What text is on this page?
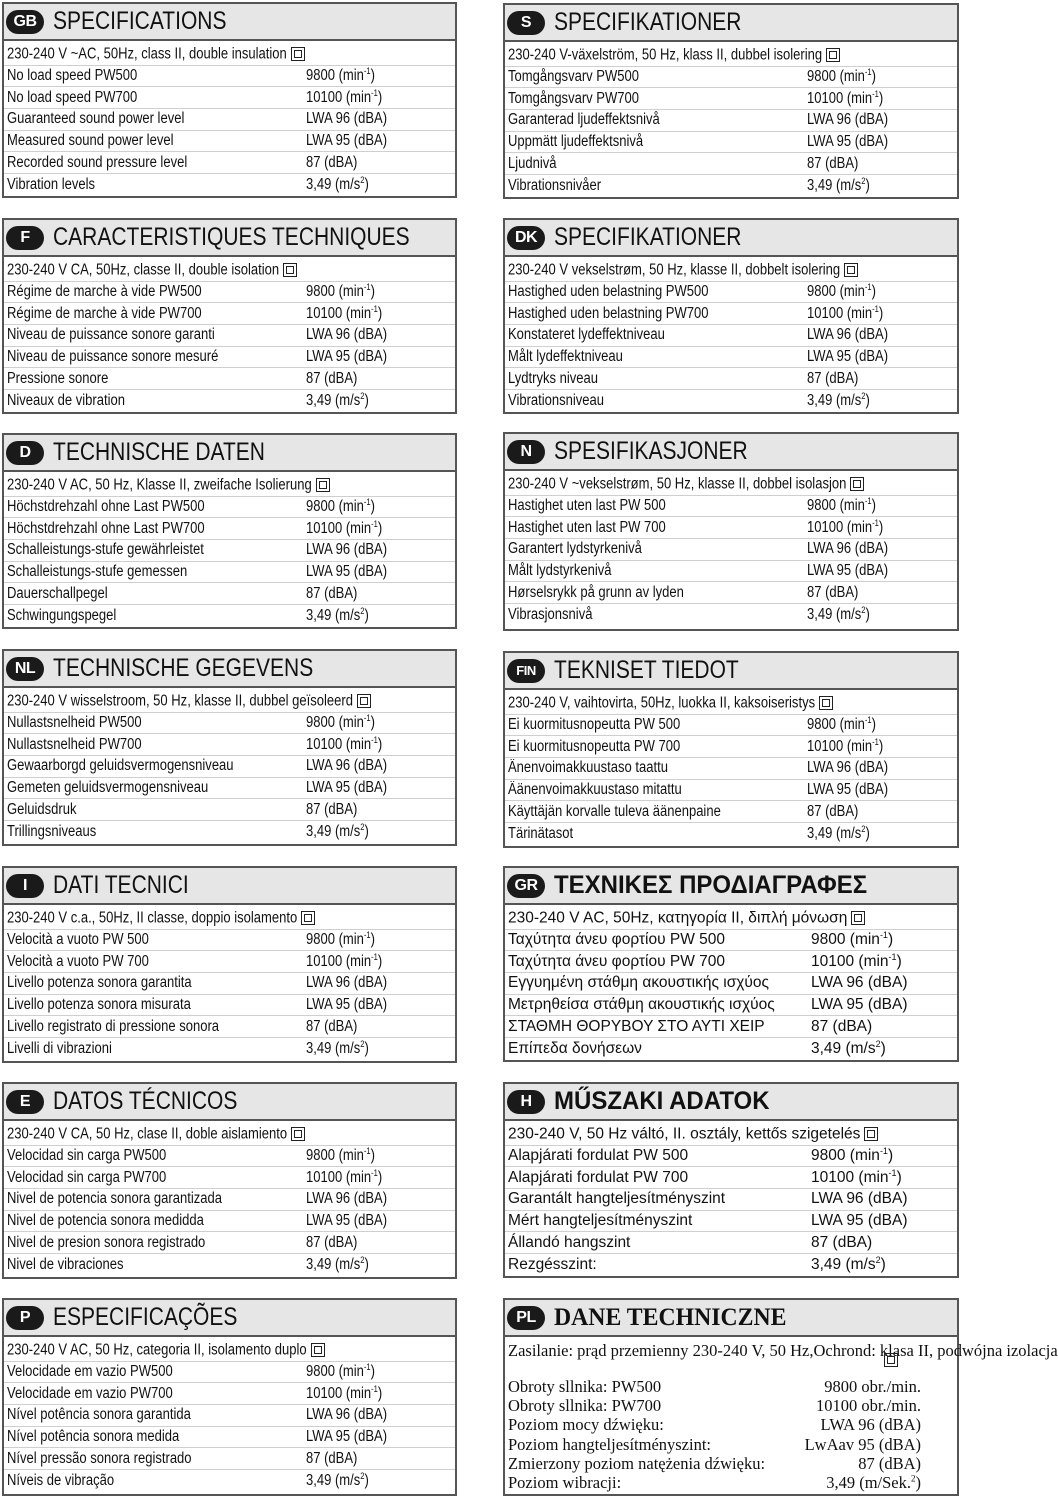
GB SPECIFICATIONS
230-240 V ~AC, 50Hz, class II, double insulation
No load speed PW500	9800 $(\min^{-1})$
No load speed PW700	10100 $(\min^{-1})$
Guaranteed sound power level	LWA 96 (dBA)
Measured sound power level	LWA 95 (dBA)
Recorded sound pressure level	87 (dBA)
Vibration levels	3,49 $(m/s^2)$
S SPECIFIKATIONER
230-240 V-växelström, 50 Hz, klass II, dubbel isolering
Tomgångsvarv PW500	9800 $(\min^{-1})$
Tomgångsvarv PW700	10100 $(\min^{-1})$
Garanterad ljudeffektsnivå	LWA 96 (dBA)
Uppmätt ljudeffektsnivå	LWA 95 (dBA)
Ljudnivå	87 (dBA)
Vibrationsnivåer	3,49 $(m/s^2)$
F CARACTERISTIQUES TECHNIQUES
230-240 V CA, 50Hz, classe II, double isolation
Régime de marche à vide PW500	9800 $(\min^{-1})$
Régime de marche à vide PW700	10100 $(\min^{-1})$
Niveau de puissance sonore garanti	LWA 96 (dBA)
Niveau de puissance sonore mesuré	LWA 95 (dBA)
Pressione sonore	87 (dBA)
Niveaux de vibration	3,49 $(m/s^2)$
DK SPECIFIKATIONER
230-240 V vekselstrøm, 50 Hz, klasse II, dobbelt isolering
Hastighed uden belastning PW500	9800 $(\min^{-1})$
Hastighed uden belastning PW700	10100 $(\min^{-1})$
Konstateret lydeffektniveau	LWA 96 (dBA)
Målt lydeffektniveau	LWA 95 (dBA)
Lydtryks niveau	87 (dBA)
Vibrationsniveau	3,49 $(m/s^2)$
D TECHNISCHE DATEN
230-240 V AC, 50 Hz, Klasse II, zweifache Isolierung
Höchstdrehzahl ohne Last PW500	9800 $(\min^{-1})$
Höchstdrehzahl ohne Last PW700	10100 $(\min^{-1})$
Schalleistungs-stufe gewährleistet	LWA 96 (dBA)
Schalleistungs-stufe gemessen	LWA 95 (dBA)
Dauerschallpegel	87 (dBA)
Schwingungspegel	3,49 $(m/s^2)$
N SPESIFIKASJONER
230-240 V ~vekselstrøm, 50 Hz, klasse II, dobbel isolasjon
Hastighet uten last PW 500	9800 $(\min^{-1})$
Hastighet uten last PW 700	10100 $(\min^{-1})$
Garantert lydstyrkenivå	LWA 96 (dBA)
Målt lydstyrkenivå	LWA 95 (dBA)
Hørselsrykk på grunn av lyden	87 (dBA)
Vibrasjonsnivå	3,49 $(m/s^2)$
NL TECHNISCHE GEGEVENS
230-240 V wisselstroom, 50 Hz, klasse II, dubbel geïsoleerd
Nullastsnelheid PW500	9800 $(\min^{-1})$
Nullastsnelheid PW700	10100 $(\min^{-1})$
Gewaarborgd geluidsvermogensniveau	LWA 96 (dBA)
Gemeten geluidsvermogensniveau	LWA 95 (dBA)
Geluidsdruk	87 (dBA)
Trillingsniveaus	3,49 $(m/s^2)$
FIN TEKNISET TIEDOT
230-240 V, vaihtovirta, 50Hz, luokka II, kaksoiseristys
Ei kuormitusnopeutta PW 500	9800 $(\min^{-1})$
Ei kuormitusnopeutta PW 700	10100 $(\min^{-1})$
Änenvoimakkuustaso taattu	LWA 96 (dBA)
Äänenvoimakkuustaso mitattu	LWA 95 (dBA)
Käyttäjän korvalle tuleva äänenpaine	87 (dBA)
Tärinätasot	3,49 $(m/s^2)$
I	DATI TECNICI
230-240 V c.a., 50Hz, II classe, doppio isolamento
Velocità a vuoto PW 500	9800 $(\min^{-1})$
Velocità a vuoto PW 700	10100 $(\min^{-1})$
Livello potenza sonora garantita	LWA 96 (dBA)
Livello potenza sonora misurata	LWA 95 (dBA)
Livello registrato di pressione sonora	87 (dBA)
Livelli di vibrazioni	3,49 $(m/s^2)$
GR ΤΕΧΝΙΚΕΣ ΠΡΟΔΙΑΓΡΑΦΕΣ
230-240 V AC, 50Hz, κατηγορία II, διπλή μόνωση
Ταχύτητα άνευ φορτίου PW 500	9800 $(\min^{-1})$
Ταχύτητα άνευ φορτίου PW 700	10100 $(\min^{-1})$
Εγγυημένη στάθμη ακουστικής ισχύος	LWA 96 (dBA)
Μετρηθείσα στάθμη ακουστικής ισχύος LWA 95 (dBA)
ΣΤΑΘΜΗ ΘΟΡΥΒΟΥ ΣΤΟ ΑΥΤΙ ΧΕΙΡ	87 (dBA)
Επίπεδα δονήσεων	3,49 $(m/s^2)$
E DATOS TÉCNICOS
230-240 V CA, 50 Hz, clase II, doble aislamiento
Velocidad sin carga PW500	9800 $(\min^{-1})$
Velocidad sin carga PW700	10100 $(\min^{-1})$
Nivel de potencia sonora garantizada	LWA 96 (dBA)
Nivel de potencia sonora medidda	LWA 95 (dBA)
Nivel de presion sonora registrado	87 (dBA)
Nivel de vibraciones	3,49 $(m/s^2)$
H MŰSZAKI ADATOK
230-240 V, 50 Hz váltó, II. osztály, kettős szigetelés
Alapjárati fordulat PW 500	9800 $(\min^{-1})$
Alapjárati fordulat PW 700	10100 $(\min^{-1})$
Garantált hangteljesítményszint	LWA 96 (dBA)
Mért hangteljesítményszint	LWA 95 (dBA)
Állandó hangszint	87 (dBA)
Rezgésszint:	3,49 $(m/s^2)$
P ESPECIFICAÇÕES
230-240 V AC, 50 Hz, categoria II, isolamento duplo
Velocidade em vazio PW500	9800 $(\min^{-1})$
Velocidade em vazio PW700	10100 $(\min^{-1})$
Nível potência sonora garantida	LWA 96 (dBA)
Nível potência sonora medida	LWA 95 (dBA)
Nível pressão sonora registrado	87 (dBA)
Níveis de vibração	3,49 $(m/s^2)$
PL DANE TECHNICZNE
Zasilanie: prąd przemienny 230-240 V, 50 Hz, Ochrond: klasa II, podwójna izolacja
Obroty sllnika: PW500	9800 obr./min.
Obroty sllnika: PW700	10100 obr./min.
Poziom mocy dźwięku:	LWA 96 (dBA)
Poziom hangteljesítményszint:	LwAav 95 (dBA)
Zmierzony poziom natężenia dźwięku:	87 (dBA)
Poziom wibracji:	3,49 (m/Sek.$^2$)
